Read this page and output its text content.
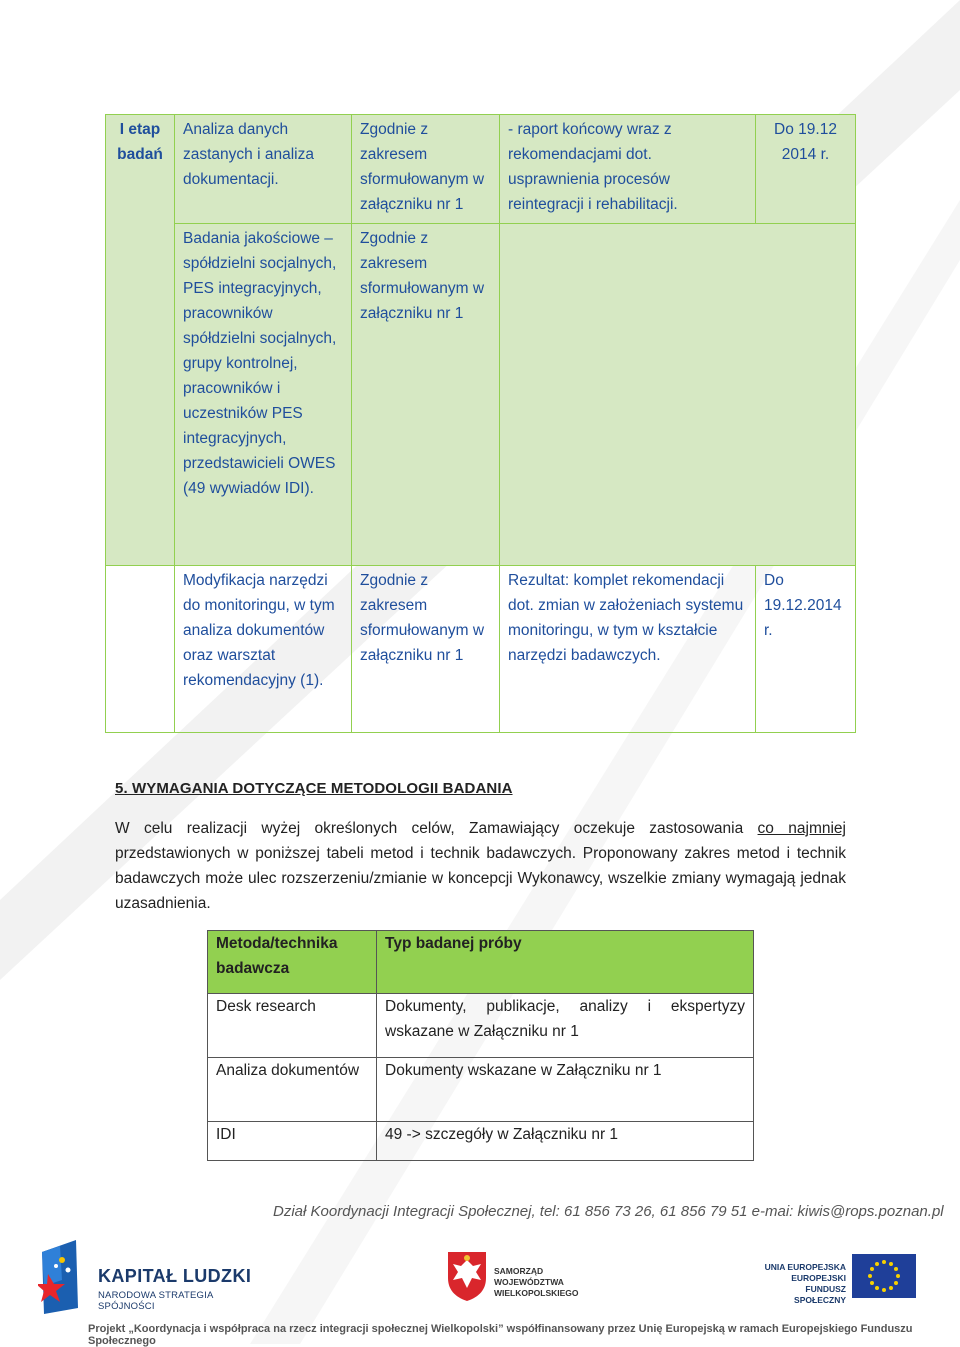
I etap badań	Analiza danych zastanych i analiza dokumentacji.	Zgodnie z zakresem sformułowanym w załączniku nr 1	- raport końcowy wraz z rekomendacjami dot. usprawnienia procesów reintegracji i rehabilitacji.	Do 19.12 2014 r.
	Badania jakościowe – spółdzielni socjalnych, PES integracyjnych, pracowników spółdzielni socjalnych, grupy kontrolnej, pracowników i uczestników PES integracyjnych, przedstawicieli OWES (49 wywiadów IDI).	Zgodnie z zakresem sformułowanym w załączniku nr 1		
	Modyfikacja narzędzi do monitoringu, w tym analiza dokumentów oraz warsztat rekomendacyjny (1).	Zgodnie z zakresem sformułowanym w załączniku nr 1	Rezultat: komplet rekomendacji dot. zmian w założeniach systemu monitoringu, w tym w kształcie narzędzi badawczych.	Do 19.12.2014 r.
5. WYMAGANIA DOTYCZĄCE METODOLOGII BADANIA

W celu realizacji wyżej określonych celów, Zamawiający oczekuje zastosowania co najmniej przedstawionych w poniższej tabeli metod i technik badawczych. Proponowany zakres metod i technik badawczych może ulec rozszerzeniu/zmianie w koncepcji Wykonawcy, wszelkie zmiany wymagają jednak uzasadnienia.

Metoda/technika badawcza	Typ badanej próby
Desk research	Dokumenty, publikacje, analizy i ekspertyzy wskazane w Załączniku nr 1
Analiza dokumentów	Dokumenty wskazane w Załączniku nr 1
IDI	49 -> szczegóły w Załączniku nr 1
Dział Koordynacji Integracji Społecznej, tel: 61 856 73 26, 61 856 79 51 e-mai: kiwis@rops.poznan.pl
KAPITAŁ LUDZKI
NARODOWA STRATEGIA SPÓJNOŚCI
SAMORZĄD WOJEWÓDZTWA WIELKOPOLSKIEGO
UNIA EUROPEJSKA
EUROPEJSKI
FUNDUSZ SPOŁECZNY
Projekt „Koordynacja i współpraca na rzecz integracji społecznej Wielkopolski” współfinansowany przez Unię Europejską w ramach Europejskiego Funduszu Społecznego
